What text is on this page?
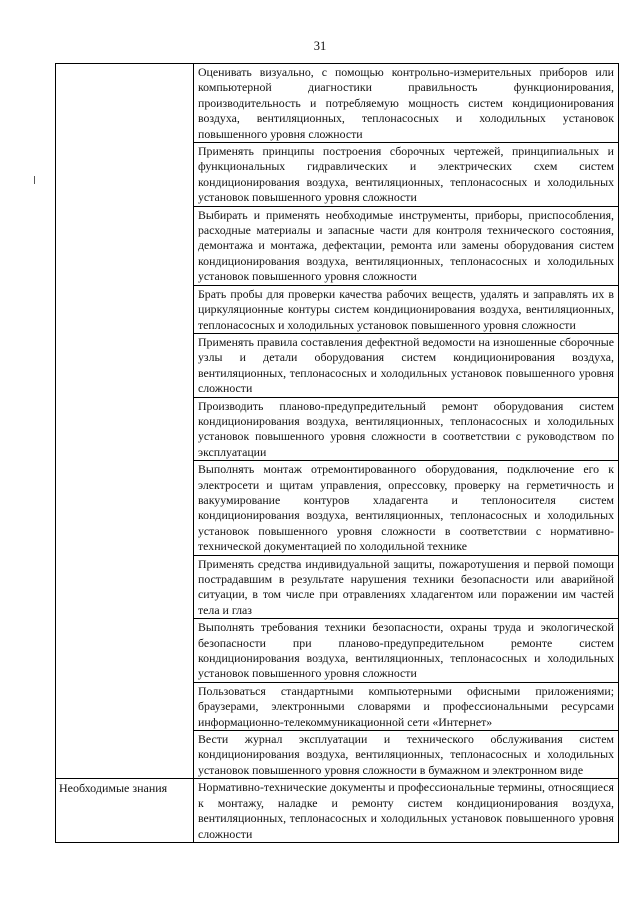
31
	Оценивать визуально, с помощью контрольно-измерительных приборов или компьютерной диагностики правильность функционирования, производительность и потребляемую мощность систем кондиционирования воздуха, вентиляционных, теплонасосных и холодильных установок повышенного уровня сложности
	Применять принципы построения сборочных чертежей, принципиальных и функциональных гидравлических и электрических схем систем кондиционирования воздуха, вентиляционных, теплонасосных и холодильных установок повышенного уровня сложности
	Выбирать и применять необходимые инструменты, приборы, приспособления, расходные материалы и запасные части для контроля технического состояния, демонтажа и монтажа, дефектации, ремонта или замены оборудования систем кондиционирования воздуха, вентиляционных, теплонасосных и холодильных установок повышенного уровня сложности
	Брать пробы для проверки качества рабочих веществ, удалять и заправлять их в циркуляционные контуры систем кондиционирования воздуха, вентиляционных, теплонасосных и холодильных установок повышенного уровня сложности
	Применять правила составления дефектной ведомости на изношенные сборочные узлы и детали оборудования систем кондиционирования воздуха, вентиляционных, теплонасосных и холодильных установок повышенного уровня сложности
	Производить планово-предупредительный ремонт оборудования систем кондиционирования воздуха, вентиляционных, теплонасосных и холодильных установок повышенного уровня сложности в соответствии с руководством по эксплуатации
	Выполнять монтаж отремонтированного оборудования, подключение его к электросети и щитам управления, опрессовку, проверку на герметичность и вакуумирование контуров хладагента и теплоносителя систем кондиционирования воздуха, вентиляционных, теплонасосных и холодильных установок повышенного уровня сложности в соответствии с нормативно-технической документацией по холодильной технике
	Применять средства индивидуальной защиты, пожаротушения и первой помощи пострадавшим в результате нарушения техники безопасности или аварийной ситуации, в том числе при отравлениях хладагентом или поражении им частей тела и глаз
	Выполнять требования техники безопасности, охраны труда и экологической безопасности при планово-предупредительном ремонте систем кондиционирования воздуха, вентиляционных, теплонасосных и холодильных установок повышенного уровня сложности
	Пользоваться стандартными компьютерными офисными приложениями; браузерами, электронными словарями и профессиональными ресурсами информационно-телекоммуникационной сети «Интернет»
	Вести журнал эксплуатации и технического обслуживания систем кондиционирования воздуха, вентиляционных, теплонасосных и холодильных установок повышенного уровня сложности в бумажном и электронном виде
Необходимые знания	Нормативно-технические документы и профессиональные термины, относящиеся к монтажу, наладке и ремонту систем кондиционирования воздуха, вентиляционных, теплонасосных и холодильных установок повышенного уровня сложности
